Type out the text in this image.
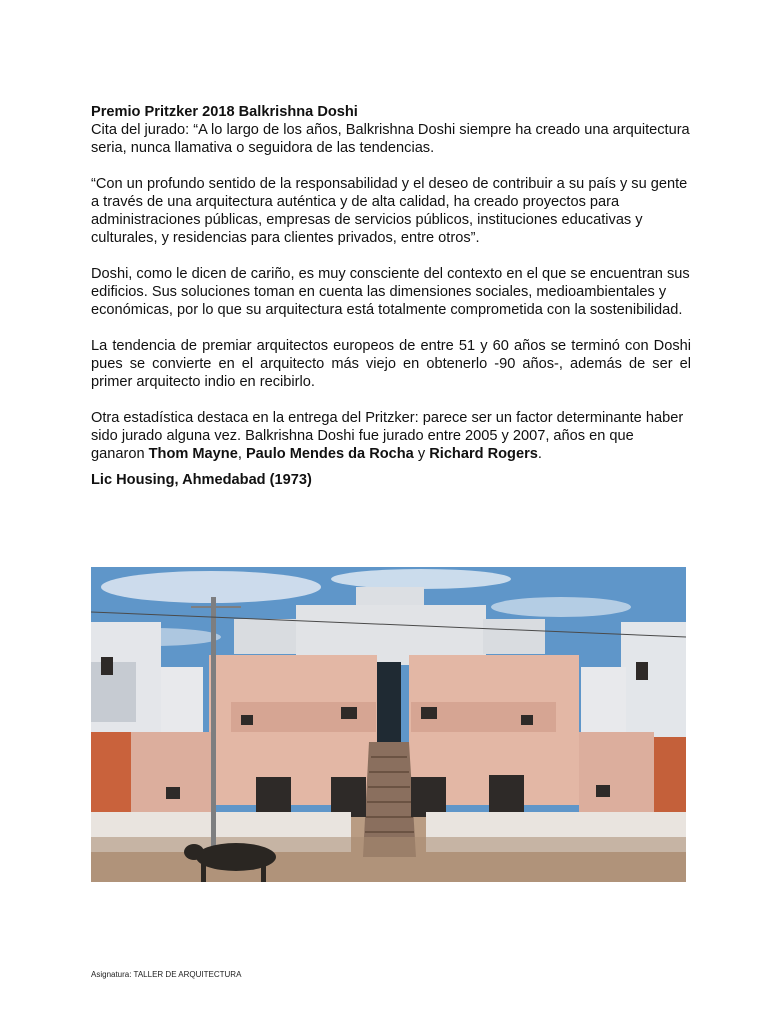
Premio Pritzker 2018 Balkrishna Doshi

Cita del jurado: “A lo largo de los años, Balkrishna Doshi siempre ha creado una arquitectura seria, nunca llamativa o seguidora de las tendencias.

“Con un profundo sentido de la responsabilidad y el deseo de contribuir a su país y su gente a través de una arquitectura auténtica y de alta calidad, ha creado proyectos para administraciones públicas, empresas de servicios públicos, instituciones educativas y culturales, y residencias para clientes privados, entre otros”.

Doshi, como le dicen de cariño, es muy consciente del contexto en el que se encuentran sus edificios. Sus soluciones toman en cuenta las dimensiones sociales, medioambientales y económicas, por lo que su arquitectura está totalmente comprometida con la sostenibilidad.

La tendencia de premiar arquitectos europeos de entre 51 y 60 años se terminó con Doshi pues se convierte en el arquitecto más viejo en obtenerlo -90 años-, además de ser el primer arquitecto indio en recibirlo.

Otra estadística destaca en la entrega del Pritzker: parece ser un factor determinante haber sido jurado alguna vez. Balkrishna Doshi fue jurado entre 2005 y 2007, años en que ganaron Thom Mayne, Paulo Mendes da Rocha y Richard Rogers.

Lic Housing, Ahmedabad (1973)

Asignatura: TALLER DE ARQUITECTURA
